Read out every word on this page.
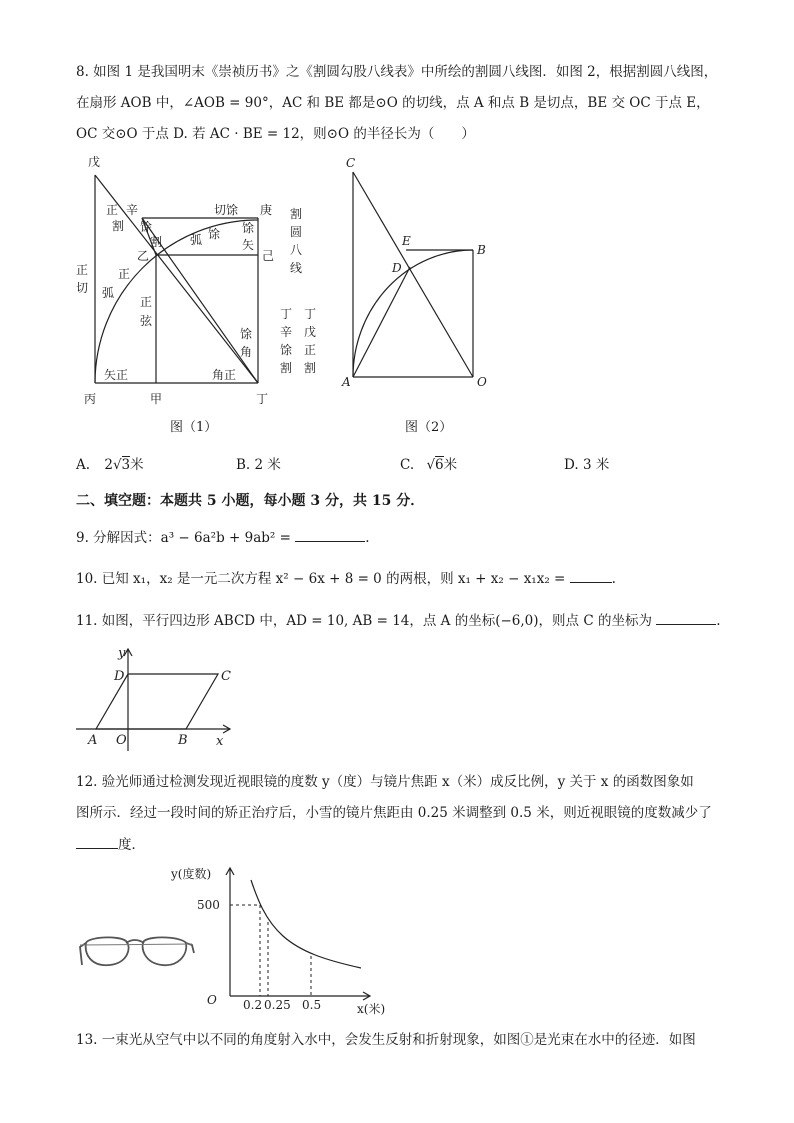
8. 如图 1 是我国明末《崇祯历书》之《割圆勾股八线表》中所绘的割圆八线图．如图 2，根据割圆八线图，
在扇形 AOB 中，∠AOB = 90°，AC 和 BE 都是⊙O 的切线，点 A 和点 B 是切点，BE 交 OC 于点 E，
OC 交⊙O 于点 D. 若 AC · BE = 12，则⊙O 的半径长为（　　）
戊
丙	甲	丁
庚
己
乙
辛
正
切
正
割
正
弧
正
弦
馀
割
馀
弧
切馀
馀
矢
馀
角
矢正	角正
割
圆
八
线
丁
辛
馀
割
丁
戊
正
割
图（1）
C
E
B
D
A	O
图（2）
A. 2√3米	B. 2 米	C. √6米	D. 3 米
二、填空题：本题共 5 小题，每小题 3 分，共 15 分．
9. 分解因式：a³ − 6a²b + 9ab² =	.
10. 已知 x₁，x₂ 是一元二次方程 x² − 6x + 8 = 0 的两根，则 x₁ + x₂ − x₁x₂ =	.
11. 如图，平行四边形 ABCD 中，AD = 10, AB = 14，点 A 的坐标(−6,0)，则点 C 的坐标为	.
y
x
D	C
A O	B
12. 验光师通过检测发现近视眼镜的度数 y（度）与镜片焦距 x（米）成反比例，y 关于 x 的函数图象如
图所示．经过一段时间的矫正治疗后，小雪的镜片焦距由 0.25 米调整到 0.5 米，则近视眼镜的度数减少了
度．
y(度数)
500
O 0.2 0.25 0.5	x(米)
13. 一束光从空气中以不同的角度射入水中，会发生反射和折射现象，如图①是光束在水中的径迹．如图
